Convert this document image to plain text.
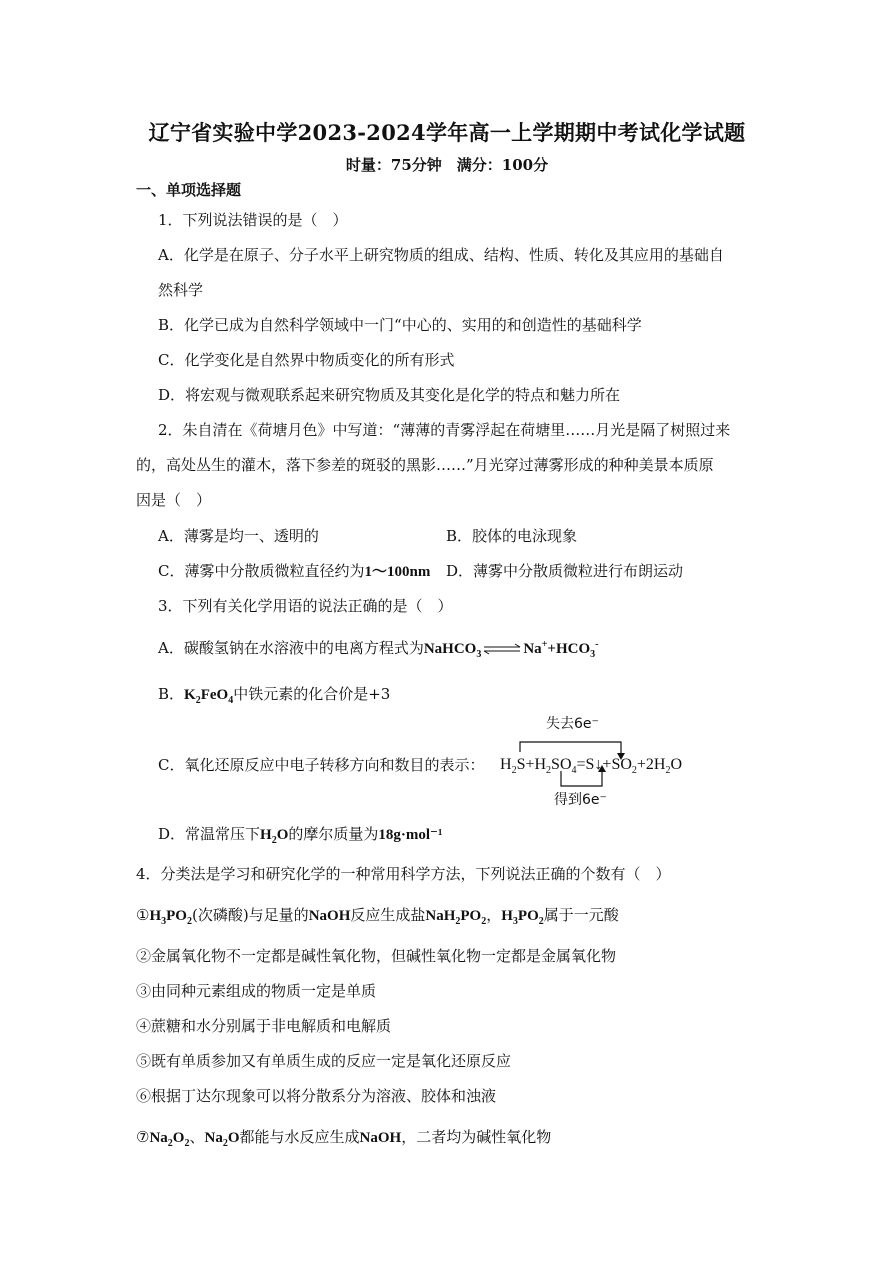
辽宁省实验中学2023-2024学年高一上学期期中考试化学试题
时量：75分钟　满分：100分
一、单项选择题
1．下列说法错误的是（　）
A．化学是在原子、分子水平上研究物质的组成、结构、性质、转化及其应用的基础自
然科学
B．化学已成为自然科学领域中一门“中心的、实用的和创造性的基础科学
C．化学变化是自然界中物质变化的所有形式
D．将宏观与微观联系起来研究物质及其变化是化学的特点和魅力所在
2．朱自清在《荷塘月色》中写道：“薄薄的青雾浮起在荷塘里……月光是隔了树照过来
的，高处丛生的灌木，落下参差的斑驳的黑影……”月光穿过薄雾形成的种种美景本质原
因是（　）
A．薄雾是均一、透明的	B．胶体的电泳现象
C．薄雾中分散质微粒直径约为1～100nm D．薄雾中分散质微粒进行布朗运动
3．下列有关化学用语的说法正确的是（　）
A．碳酸氢钠在水溶液中的电离方程式为$NaHCO_3\rightleftharpoons Na^++HCO_3^-$
B．$K_2FeO_4$中铁元素的化合价是+3
C．氧化还原反应中电子转移方向和数目的表示：
失去6e⁻
$H_2S+H_2SO_4=S↓+SO_2+2H_2O$
得到6e⁻
D．常温常压下$H_2O$的摩尔质量为18g·mol⁻¹
4．分类法是学习和研究化学的一种常用科学方法，下列说法正确的个数有（　）
$①H_3PO_2$(次磷酸)与足量的NaOH反应生成盐$NaH_2PO_2$，$H_3PO_2$属于一元酸
②金属氧化物不一定都是碱性氧化物，但碱性氧化物一定都是金属氧化物
③由同种元素组成的物质一定是单质
④蔗糖和水分别属于非电解质和电解质
⑤既有单质参加又有单质生成的反应一定是氧化还原反应
⑥根据丁达尔现象可以将分散系分为溶液、胶体和浊液
$⑦Na_2O_2$、$Na_2O$都能与水反应生成NaOH，二者均为碱性氧化物
